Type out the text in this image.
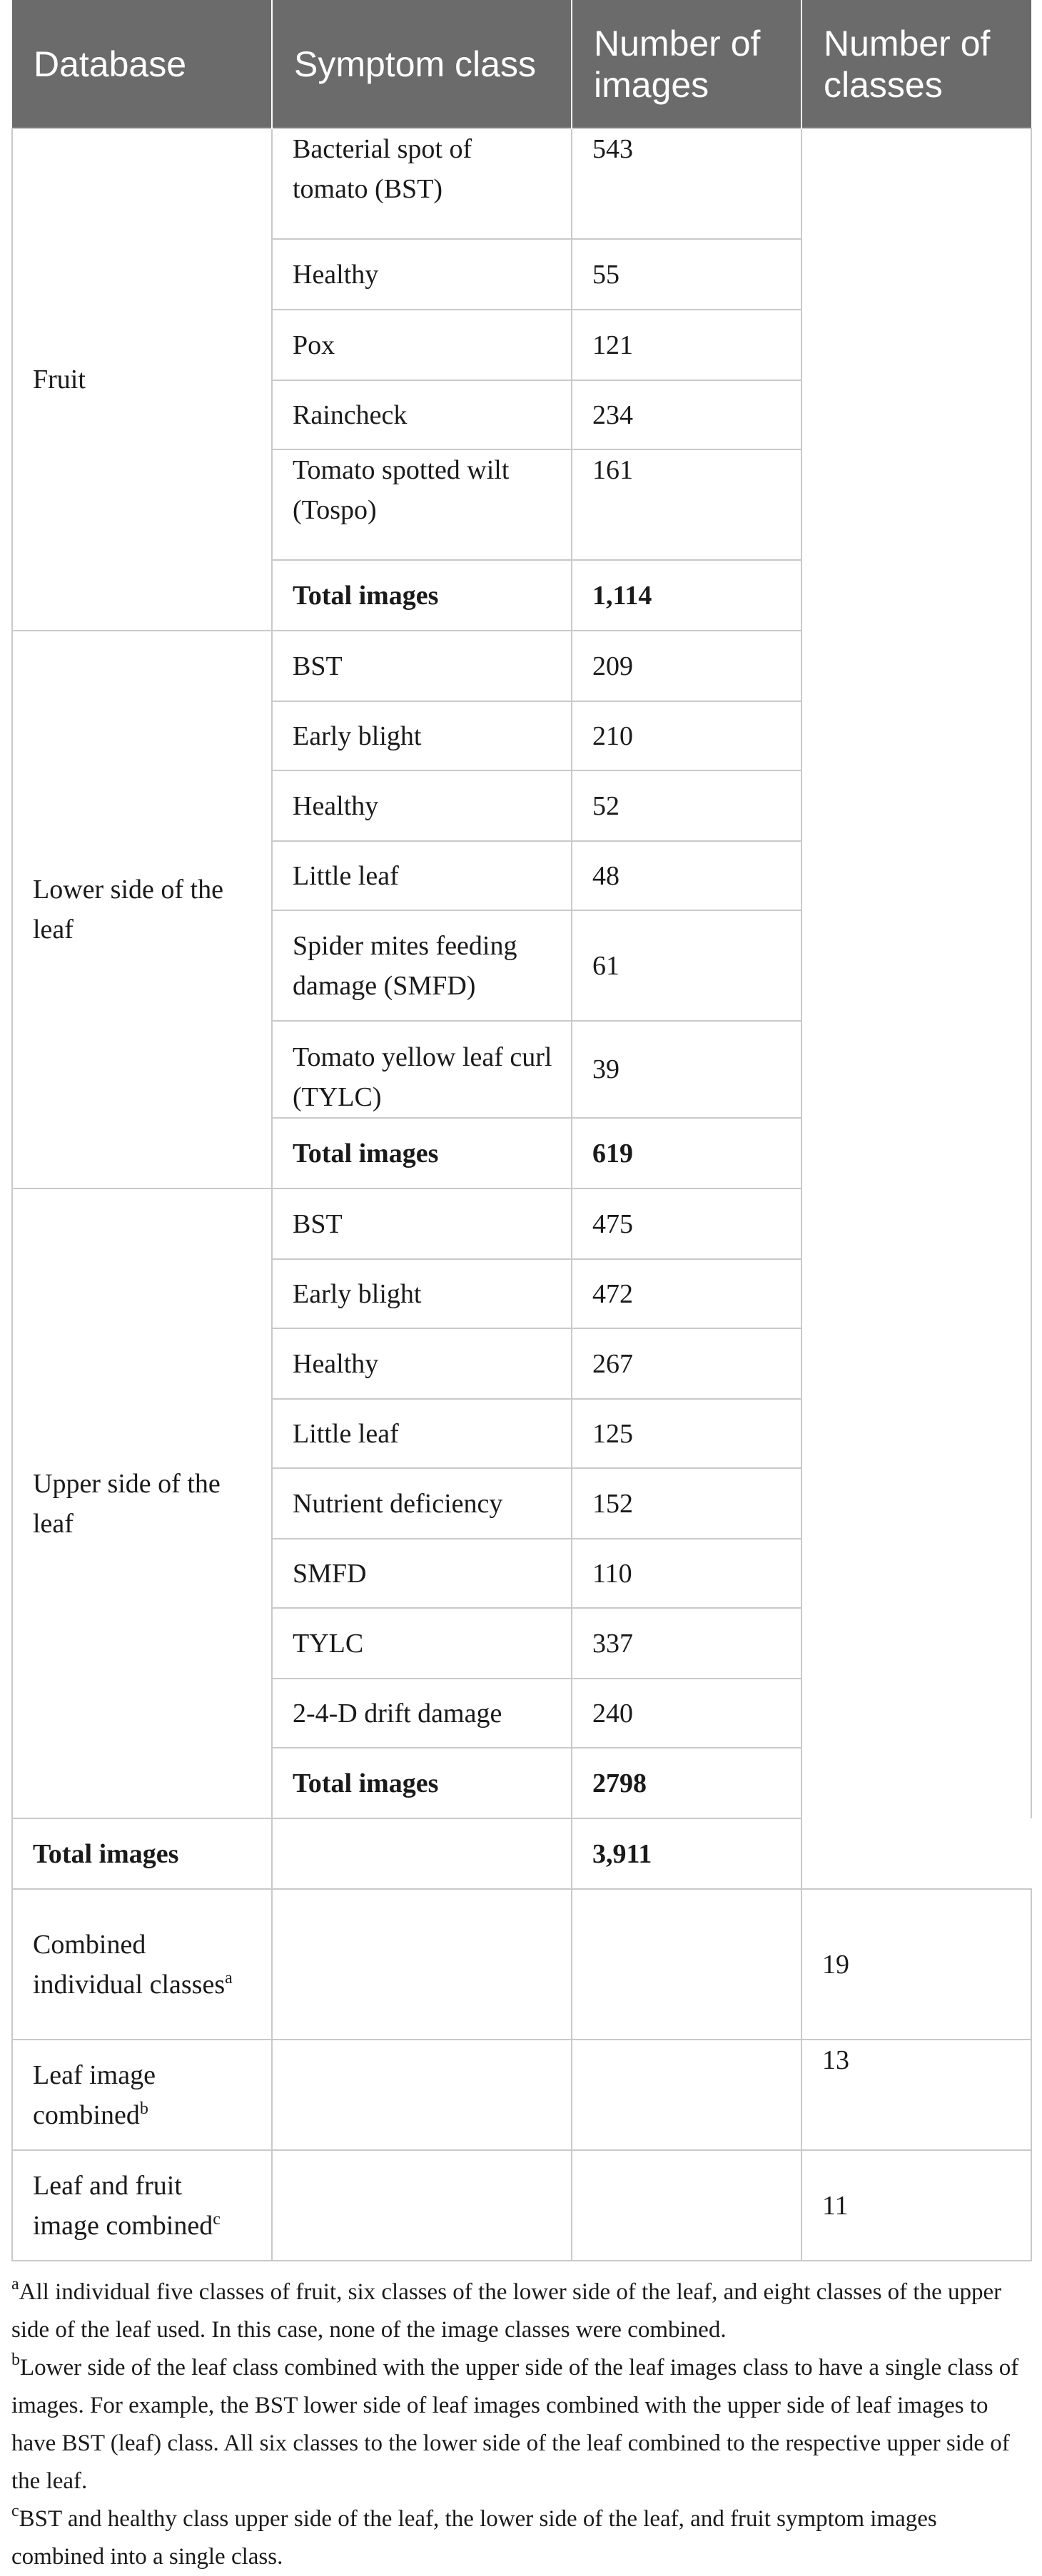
Database	Symptom class	Number of images	Number of classes
Fruit	Bacterial spot of tomato (BST)	543	
	Healthy	55	
	Pox	121	
	Raincheck	234	
	Tomato spotted wilt (Tospo)	161	
	Total images	1,114	
Lower side of the leaf	BST	209	
	Early blight	210	
	Healthy	52	
	Little leaf	48	
	Spider mites feeding damage (SMFD)	61	
	Tomato yellow leaf curl (TYLC)	39	
	Total images	619	
Upper side of the leaf	BST	475	
	Early blight	472	
	Healthy	267	
	Little leaf	125	
	Nutrient deficiency	152	
	SMFD	110	
	TYLC	337	
	2-4-D drift damage	240	
	Total images	2798	
Total images		3,911	
Combined individual classes$^a$			19
Leaf image combined$^b$			13
Leaf and fruit image combined$^c$			11

$^a$All individual five classes of fruit, six classes of the lower side of the leaf, and eight classes of the upper side of the leaf used. In this case, none of the image classes were combined.

$^b$Lower side of the leaf class combined with the upper side of the leaf images class to have a single class of images. For example, the BST lower side of leaf images combined with the upper side of leaf images to have BST (leaf) class. All six classes to the lower side of the leaf combined to the respective upper side of the leaf.

$^c$BST and healthy class upper side of the leaf, the lower side of the leaf, and fruit symptom images combined into a single class.
